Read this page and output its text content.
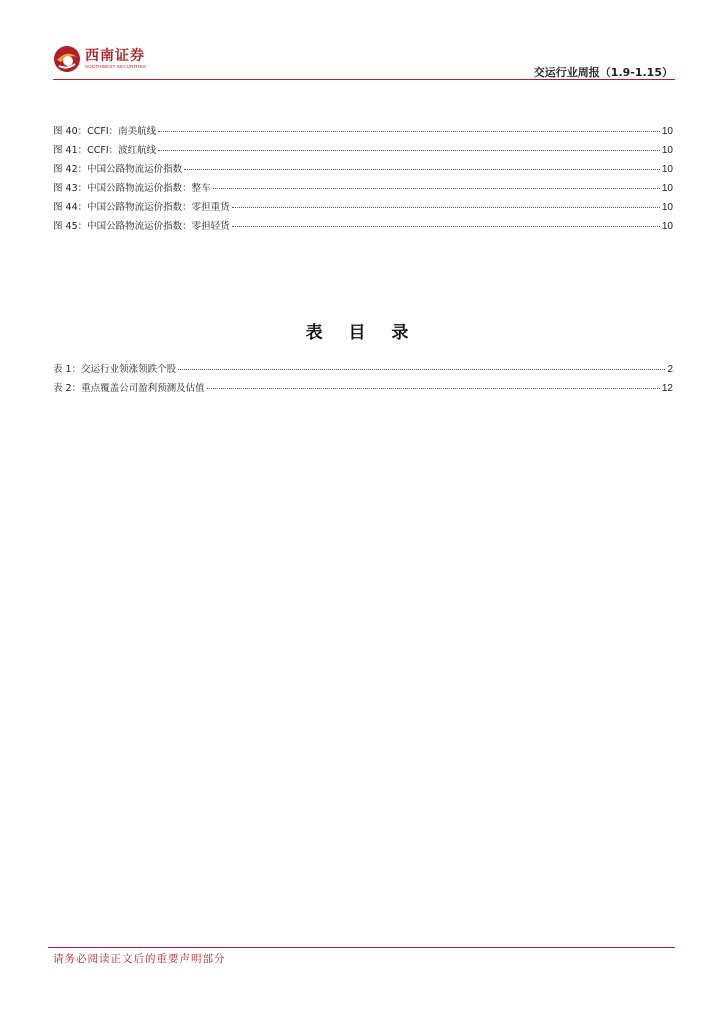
西南证券
SOUTHWEST SECURITIES	交运行业周报（1.9-1.15）
图 40：CCFI：南美航线	10
图 41：CCFI：波红航线	10
图 42：中国公路物流运价指数	10
图 43：中国公路物流运价指数：整车	10
图 44：中国公路物流运价指数：零担重货	10
图 45：中国公路物流运价指数：零担轻货	10
表 目 录
表 1：交运行业领涨领跌个股	2
表 2：重点覆盖公司盈利预测及估值	12
请务必阅读正文后的重要声明部分
